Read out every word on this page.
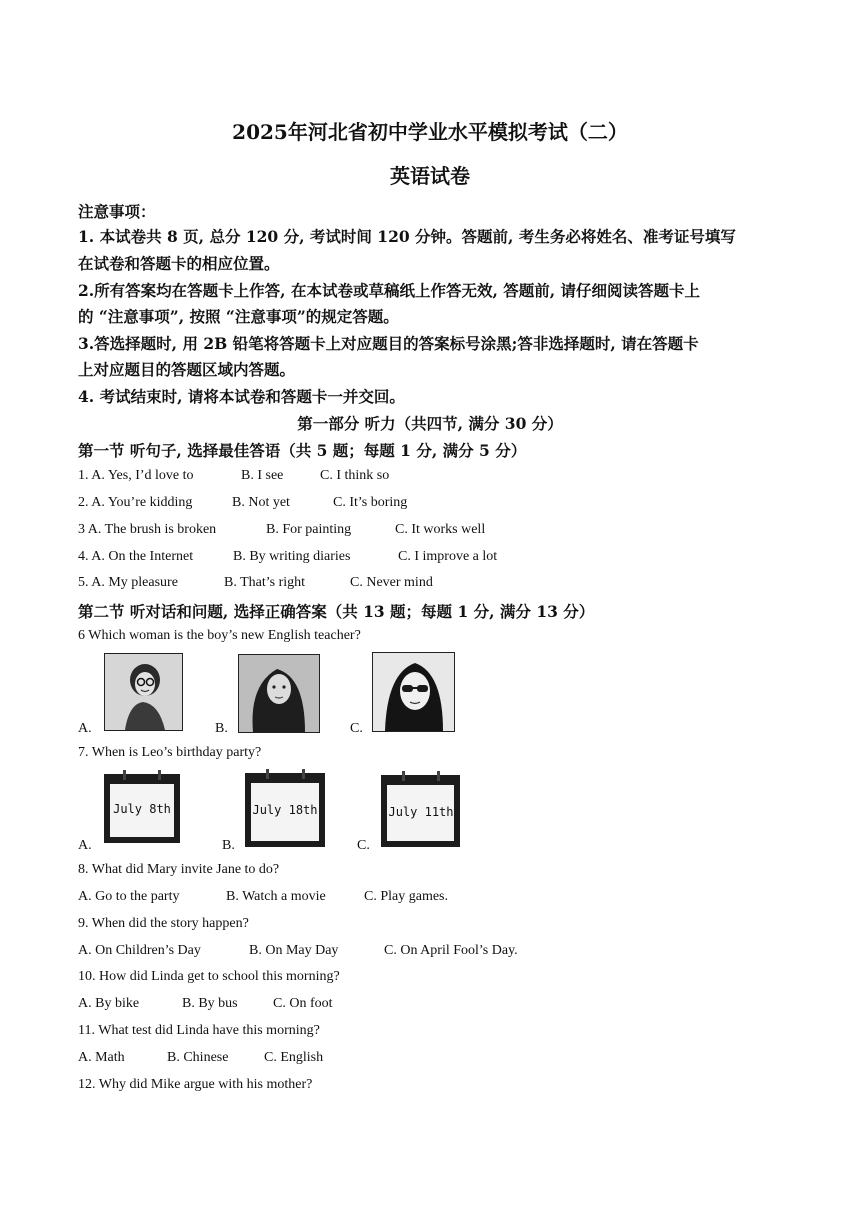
2025年河北省初中学业水平模拟考试（二）
英语试卷
注意事项：
1. 本试卷共 8 页, 总分 120 分, 考试时间 120 分钟。答题前, 考生务必将姓名、准考证号填写
在试卷和答题卡的相应位置。
2.所有答案均在答题卡上作答, 在本试卷或草稿纸上作答无效, 答题前, 请仔细阅读答题卡上
的 “注意事项”, 按照 “注意事项”的规定答题。
3.答选择题时, 用 2B 铅笔将答题卡上对应题目的答案标号涂黑;答非选择题时, 请在答题卡
上对应题目的答题区域内答题。
4. 考试结束时, 请将本试卷和答题卡一并交回。
第一部分 听力（共四节, 满分 30 分）
第一节 听句子, 选择最佳答语（共 5 题；每题 1 分, 满分 5 分）
1. A. Yes, I’d love to	B. I see	C. I think so
2. A. You’re kidding	B. Not yet	C. It’s boring
3 A. The brush is broken	B. For painting	C. It works well
4. A. On the Internet	B. By writing diaries	C. I improve a lot
5. A. My pleasure	B. That’s right	C. Never mind
第二节 听对话和问题, 选择正确答案（共 13 题；每题 1 分, 满分 13 分）
6 Which woman is the boy’s new English teacher?
A.	B.	C.
7. When is Leo’s birthday party?
July 8th
A.
July 18th
B.
July 11th
C.
8. What did Mary invite Jane to do?
A. Go to the party	B. Watch a movie	C. Play games.
9. When did the story happen?
A. On Children’s Day	B. On May Day	C. On April Fool’s Day.
10. How did Linda get to school this morning?
A. By bike	B. By bus	C. On foot
11. What test did Linda have this morning?
A. Math	B. Chinese	C. English
12. Why did Mike argue with his mother?
